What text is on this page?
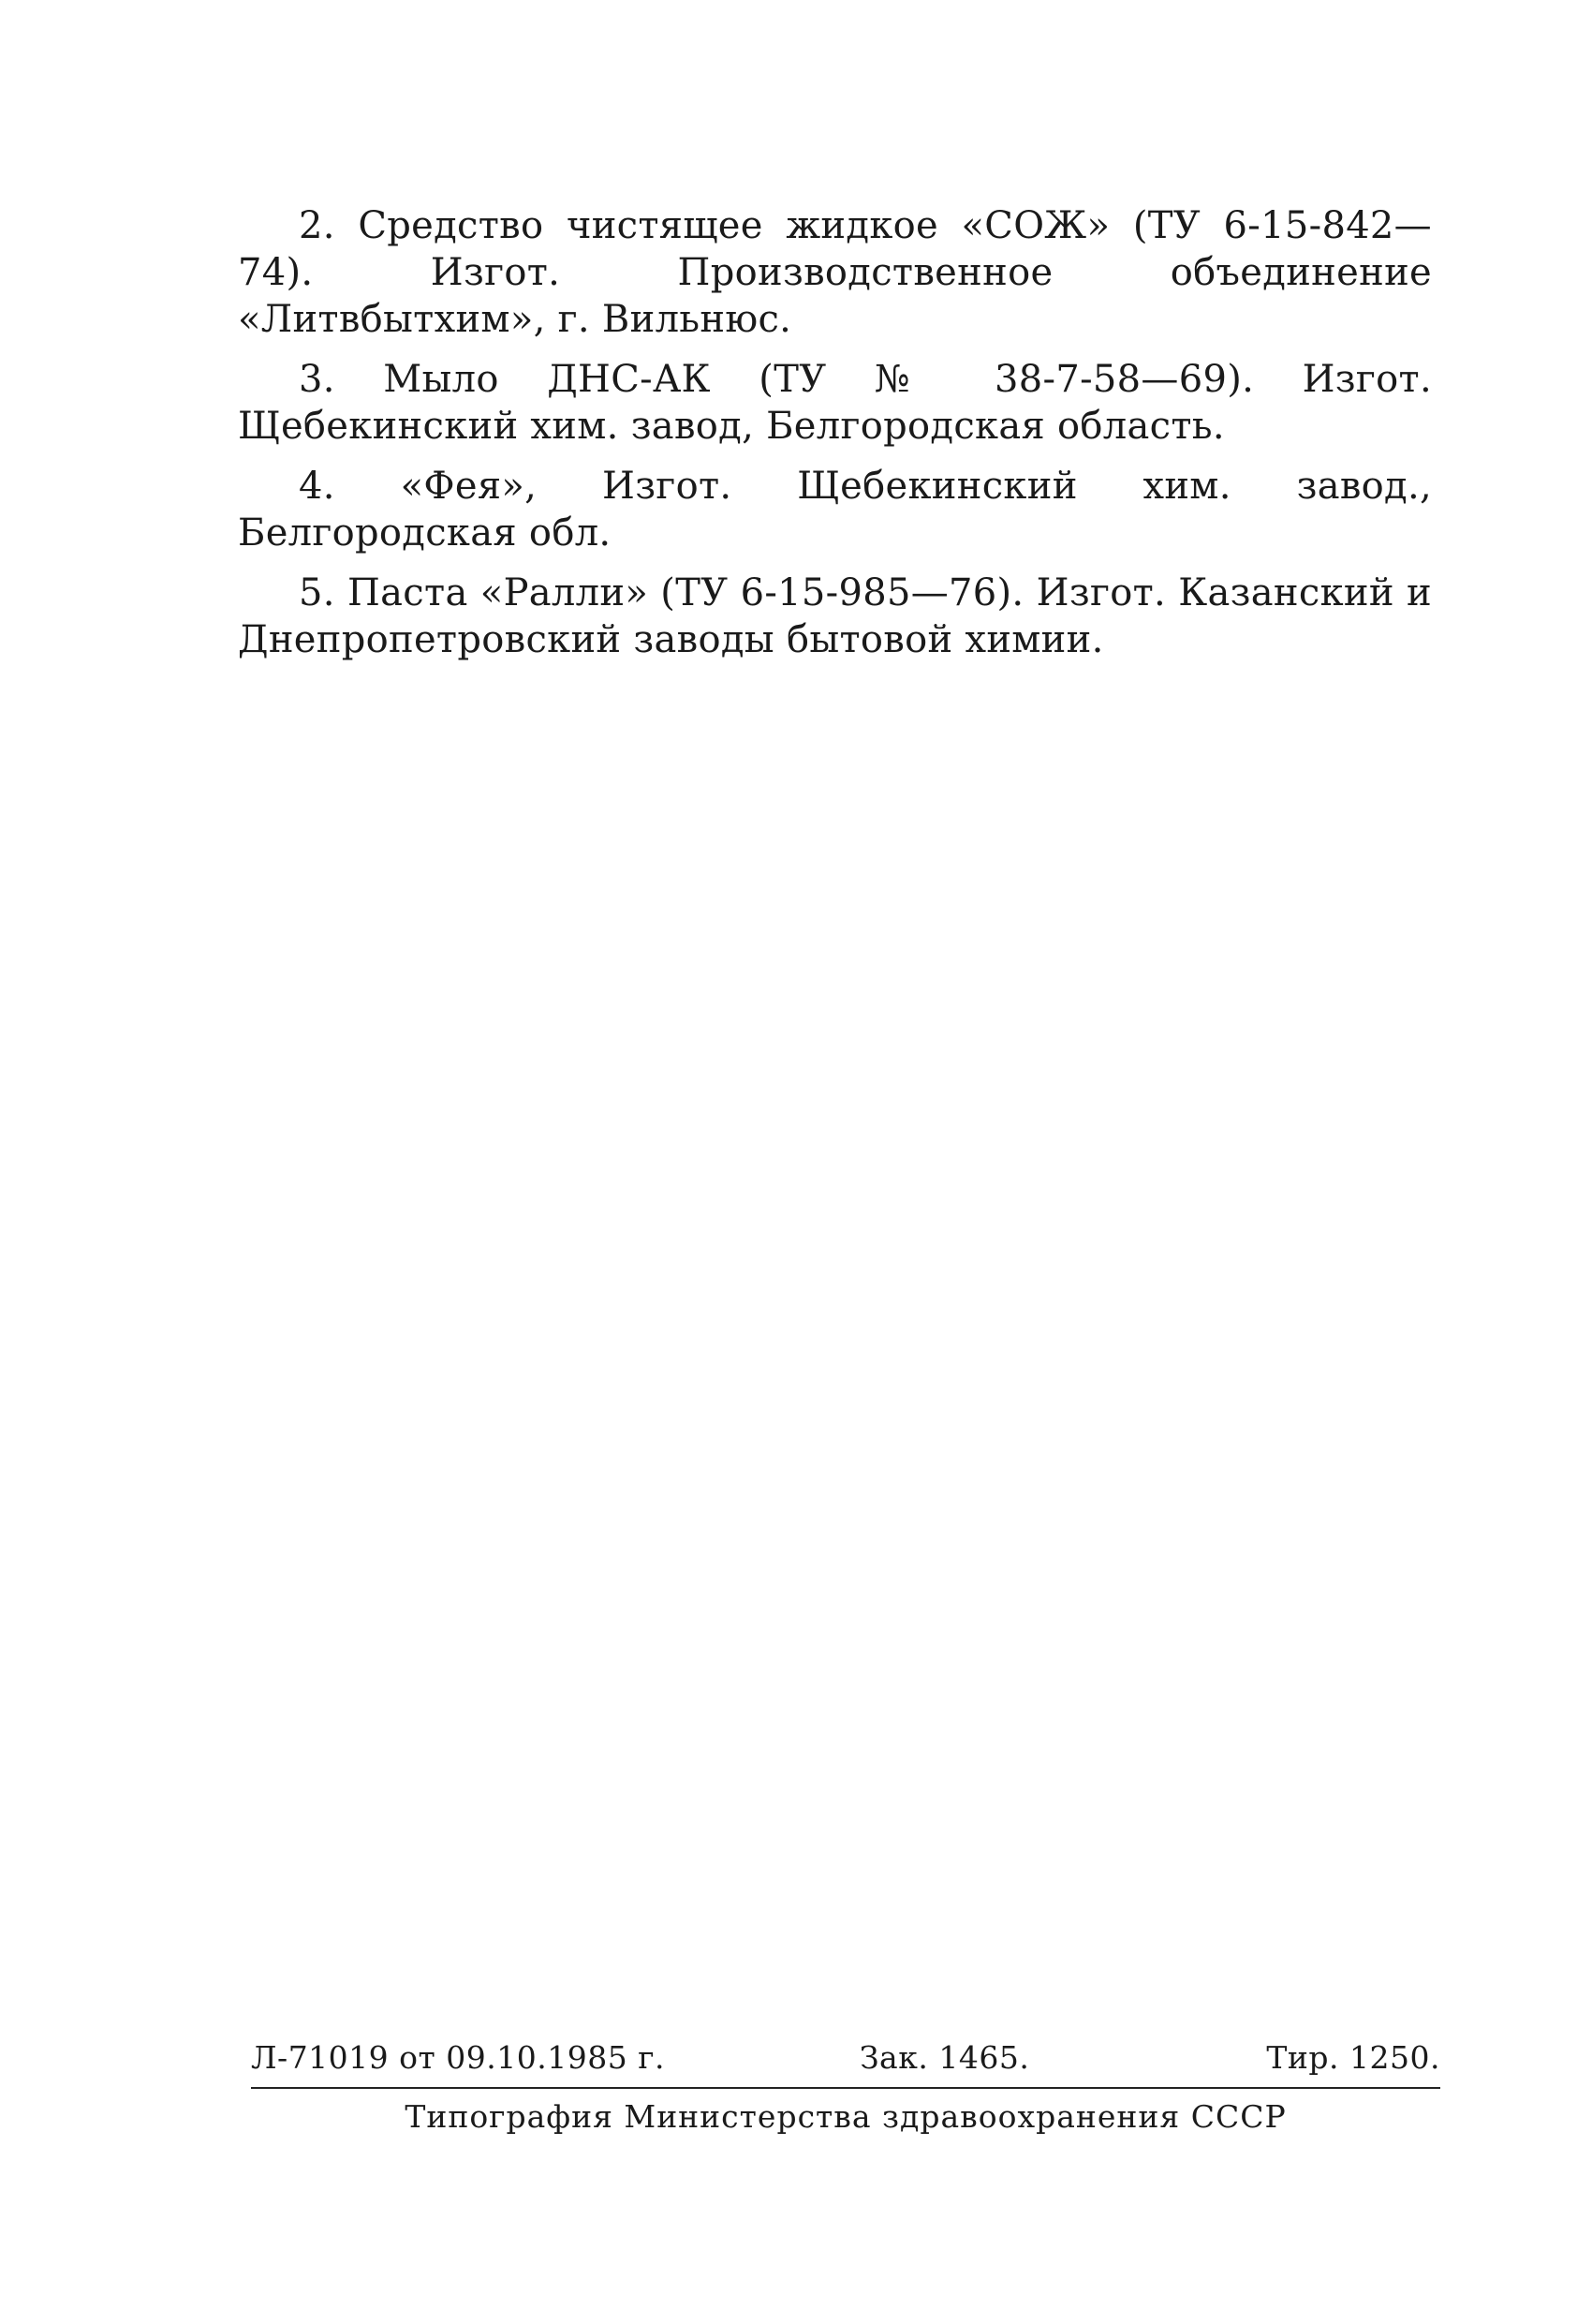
2. Средство чистящее жидкое «СОЖ» (ТУ 6-15-842—74). Изгот. Производственное объединение «Литвбытхим», г. Вильнюс.

3. Мыло ДНС-АК (ТУ № 38-7-58—69). Изгот. Щебекинский хим. завод, Белгородская область.

4. «Фея», Изгот. Щебекинский хим. завод., Белгородская обл.

5. Паста «Ралли» (ТУ 6-15-985—76). Изгот. Казанский и Днепропетровский заводы бытовой химии.

Л-71019 от 09.10.1985 г.	Зак. 1465.	Тир. 1250.
Типография Министерства здравоохранения СССР
